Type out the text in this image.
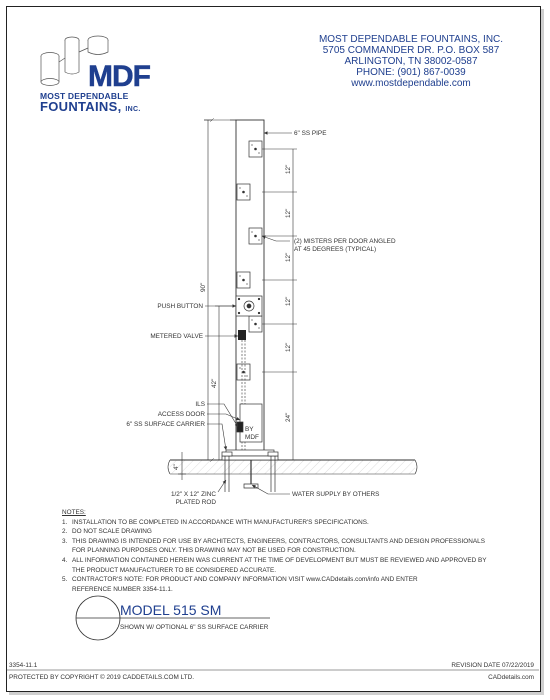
MOST DEPENDABLE FOUNTAINS, INC.
5705 COMMANDER DR. P.O. BOX 587
ARLINGTON, TN 38002-0587
PHONE: (901) 867-0039
www.mostdependable.com
MDF
MOST DEPENDABLE
FOUNTAINS, INC.
BY
MDF
90"
42"
4"
12"
12"
12"
12"
12"
24"
6" SS PIPE
(2) MISTERS PER DOOR ANGLED
AT 45 DEGREES (TYPICAL)
PUSH BUTTON
METERED VALVE
ILS
ACCESS DOOR
6" SS SURFACE CARRIER
1/2" X 12" ZINC
PLATED ROD
WATER SUPPLY BY OTHERS
NOTES:
1. INSTALLATION TO BE COMPLETED IN ACCORDANCE WITH MANUFACTURER'S SPECIFICATIONS.
2. DO NOT SCALE DRAWING
3. THIS DRAWING IS INTENDED FOR USE BY ARCHITECTS, ENGINEERS, CONTRACTORS, CONSULTANTS AND DESIGN PROFESSIONALS
FOR PLANNING PURPOSES ONLY. THIS DRAWING MAY NOT BE USED FOR CONSTRUCTION.
4. ALL INFORMATION CONTAINED HEREIN WAS CURRENT AT THE TIME OF DEVELOPMENT BUT MUST BE REVIEWED AND APPROVED BY
THE PRODUCT MANUFACTURER TO BE CONSIDERED ACCURATE.
5. CONTRACTOR'S NOTE: FOR PRODUCT AND COMPANY INFORMATION VISIT www.CADdetails.com/info AND ENTER
REFERENCE NUMBER 3354-11.1.
MODEL 515 SM
SHOWN W/ OPTIONAL 6" SS SURFACE CARRIER
3354-11.1	REVISION DATE 07/22/2019
PROTECTED BY COPYRIGHT © 2019 CADDETAILS.COM LTD.	CADdetails.com
